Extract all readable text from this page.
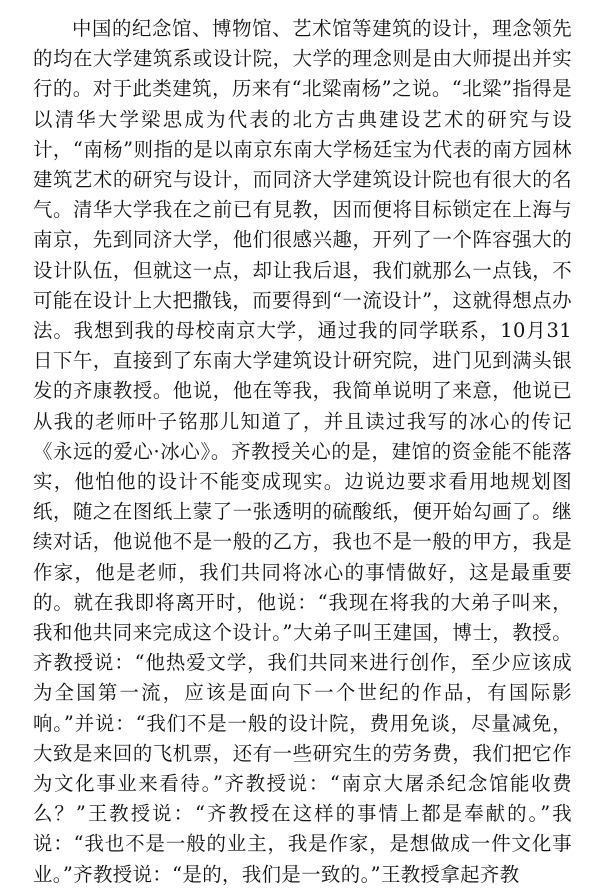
中国的纪念馆、博物馆、艺术馆等建筑的设计，理念领先的均在大学建筑系或设计院，大学的理念则是由大师提出并实行的。对于此类建筑，历来有“北粱南杨”之说。“北粱”指得是以清华大学梁思成为代表的北方古典建设艺术的研究与设计，“南杨”则指的是以南京东南大学杨廷宝为代表的南方园林建筑艺术的研究与设计，而同济大学建筑设计院也有很大的名气。清华大学我在之前已有見教，因而便将目标锁定在上海与南京，先到同济大学，他们很感兴趣，开列了一个阵容强大的设计队伍，但就这一点，却让我后退，我们就那么一点钱，不可能在设计上大把撒钱，而要得到“一流设计”，这就得想点办法。我想到我的母校南京大学，通过我的同学联系，10月31日下午，直接到了东南大学建筑设计研究院，进门见到满头银发的齐康教授。他说，他在等我，我简单说明了来意，他说已从我的老师叶子铭那儿知道了，并且读过我写的冰心的传记《永远的爱心·冰心》。齐教授关心的是，建馆的资金能不能落实，他怕他的设计不能变成现实。边说边要求看用地规划图纸，随之在图纸上蒙了一张透明的硫酸纸，便开始勾画了。继续对话，他说他不是一般的乙方，我也不是一般的甲方，我是作家，他是老师，我们共同将冰心的事情做好，这是最重要的。就在我即将离开时，他说：“我现在将我的大弟子叫来，我和他共同来完成这个设计。”大弟子叫王建国，博士，教授。齐教授说：“他热爱文学，我们共同来进行创作，至少应该成为全国第一流，应该是面向下一个世纪的作品，有国际影响。”并说：“我们不是一般的设计院，费用免谈，尽量减免，大致是来回的飞机票，还有一些研究生的劳务费，我们把它作为文化事业来看待。”齐教授说：“南京大屠杀纪念馆能收费么？”王教授说：“齐教授在这样的事情上都是奉献的。”我说：“我也不是一般的业主，我是作家，是想做成一件文化事业。”齐教授说：“是的，我们是一致的。”王教授拿起齐教
